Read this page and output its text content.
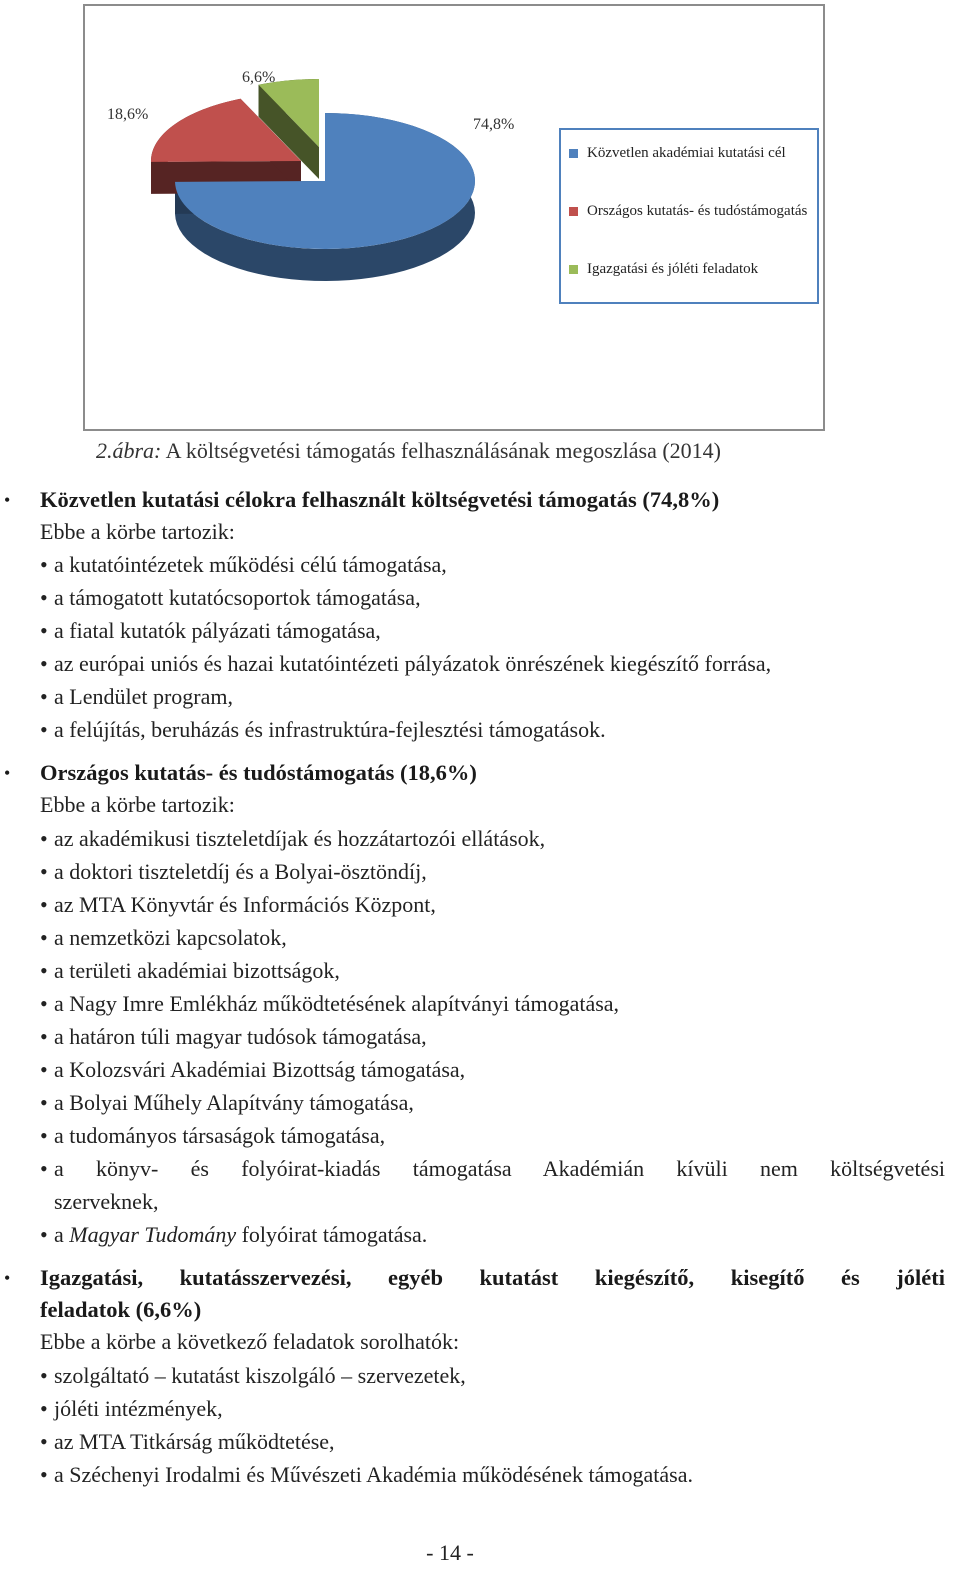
74,8%
18,6%
6,6%
Közvetlen akadémiai kutatási cél
Országos kutatás- és tudóstámogatás
Igazgatási és jóléti feladatok
2.ábra: A költségvetési támogatás felhasználásának megoszlása (2014)
• Közvetlen kutatási célokra felhasznált költségvetési támogatás (74,8%)
Ebbe a körbe tartozik:
• a kutatóintézetek működési célú támogatása,
• a támogatott kutatócsoportok támogatása,
• a fiatal kutatók pályázati támogatása,
• az európai uniós és hazai kutatóintézeti pályázatok önrészének kiegészítő forrása,
• a Lendület program,
• a felújítás, beruházás és infrastruktúra-fejlesztési támogatások.
• Országos kutatás- és tudóstámogatás (18,6%)
Ebbe a körbe tartozik:
• az akadémikusi tiszteletdíjak és hozzátartozói ellátások,
• a doktori tiszteletdíj és a Bolyai-ösztöndíj,
• az MTA Könyvtár és Információs Központ,
• a nemzetközi kapcsolatok,
• a területi akadémiai bizottságok,
• a Nagy Imre Emlékház működtetésének alapítványi támogatása,
• a határon túli magyar tudósok támogatása,
• a Kolozsvári Akadémiai Bizottság támogatása,
• a Bolyai Műhely Alapítvány támogatása,
• a tudományos társaságok támogatása,
• a könyv- és folyóirat-kiadás támogatása Akadémián kívüli nem költségvetési
szerveknek,
• a Magyar Tudomány folyóirat támogatása.
• Igazgatási, kutatásszervezési, egyéb kutatást kiegészítő, kisegítő és jóléti
feladatok (6,6%)
Ebbe a körbe a következő feladatok sorolhatók:
• szolgáltató – kutatást kiszolgáló – szervezetek,
• jóléti intézmények,
• az MTA Titkárság működtetése,
• a Széchenyi Irodalmi és Művészeti Akadémia működésének támogatása.
- 14 -
